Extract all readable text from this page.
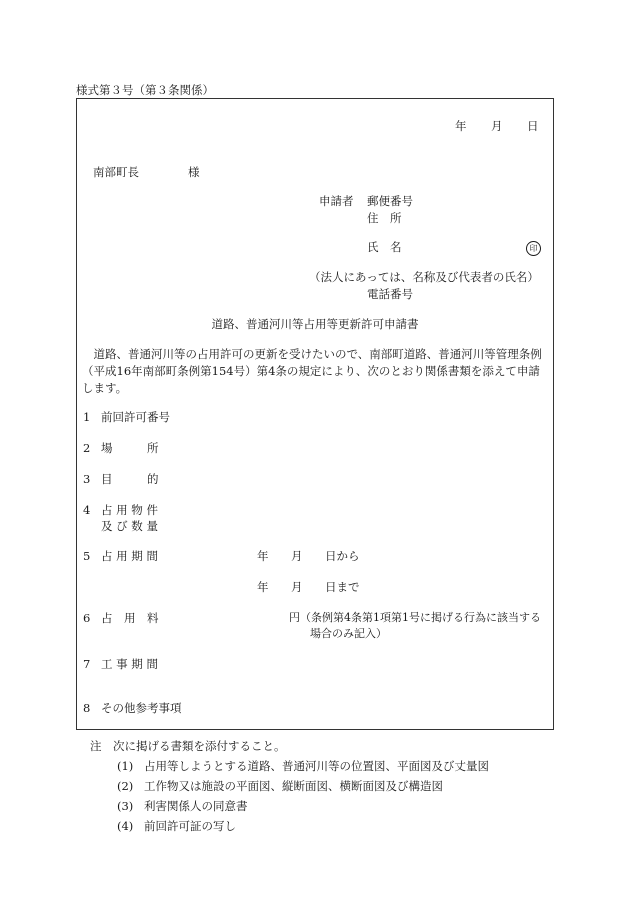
様式第３号（第３条関係）
年 月 日
南部町長	様
申請者 郵便番号
住　所
氏　名	印
（法人にあっては、名称及び代表者の氏名）
電話番号
道路、普通河川等占用等更新許可申請書
道路、普通河川等の占用許可の更新を受けたいので、南部町道路、普通河川等管理条例（平成16年南部町条例第154号）第4条の規定により、次のとおり関係書類を添えて申請します。
1 前回許可番号
2 場　　　所
3 目　　　的
4 占 用 物 件
及 び 数 量
5 占 用 期 間	年 月 日から
年 月 日まで
6 占　用　料	円（条例第4条第1項第1号に掲げる行為に該当する
場合のみ記入）
7 工 事 期 間
8 その他参考事項
注　次に掲げる書類を添付すること。
(1) 占用等しようとする道路、普通河川等の位置図、平面図及び丈量図
(2) 工作物又は施設の平面図、縦断面図、横断面図及び構造図
(3) 利害関係人の同意書
(4) 前回許可証の写し
